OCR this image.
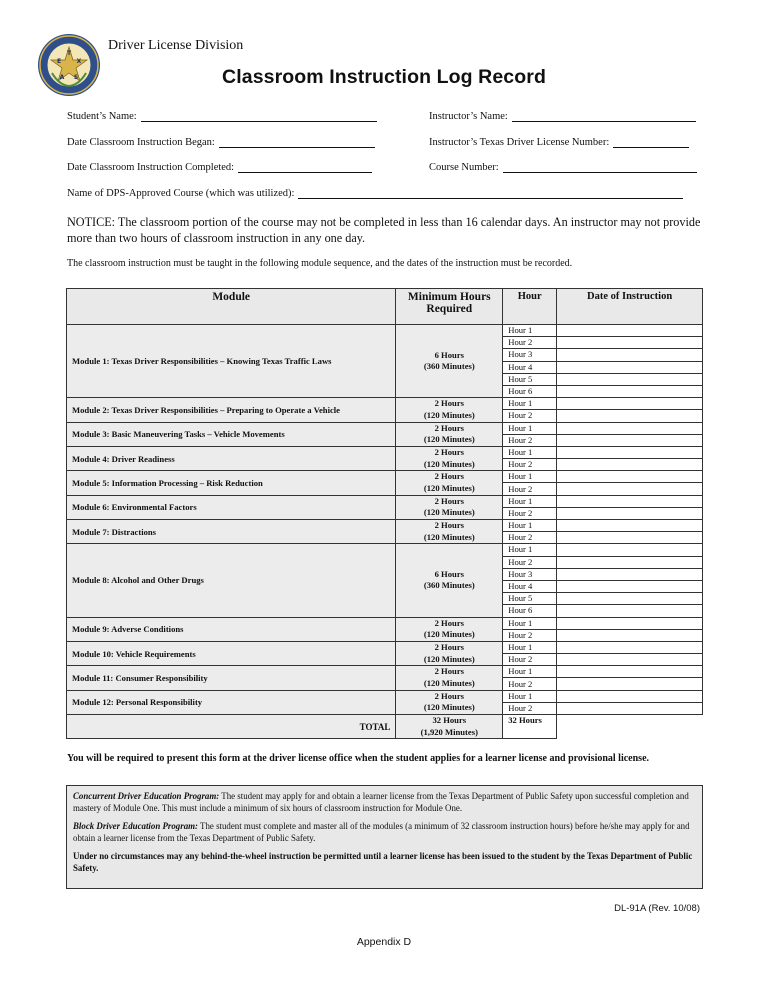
T
E	X
A S
Driver License Division
Classroom Instruction Log Record
Student’s Name:	Instructor’s Name:
Date Classroom Instruction Began:	Instructor’s Texas Driver License Number:
Date Classroom Instruction Completed:	Course Number:
Name of DPS-Approved Course (which was utilized):
NOTICE: The classroom portion of the course may not be completed in less than 16 calendar days. An instructor may not provide more than two hours of classroom instruction in any one day.
The classroom instruction must be taught in the following module sequence, and the dates of the instruction must be recorded.
Module	Minimum Hours Required	Hour	Date of Instruction
Module 1: Texas Driver Responsibilities – Knowing Texas Traffic Laws	6 Hours
(360 Minutes)	Hour 1	
		Hour 2	
		Hour 3	
		Hour 4	
		Hour 5	
		Hour 6	
Module 2: Texas Driver Responsibilities – Preparing to Operate a Vehicle	2 Hours
(120 Minutes)	Hour 1	
		Hour 2	
Module 3: Basic Maneuvering Tasks – Vehicle Movements	2 Hours
(120 Minutes)	Hour 1	
		Hour 2	
Module 4: Driver Readiness	2 Hours
(120 Minutes)	Hour 1	
		Hour 2	
Module 5: Information Processing – Risk Reduction	2 Hours
(120 Minutes)	Hour 1	
		Hour 2	
Module 6: Environmental Factors	2 Hours
(120 Minutes)	Hour 1	
		Hour 2	
Module 7: Distractions	2 Hours
(120 Minutes)	Hour 1	
		Hour 2	
Module 8: Alcohol and Other Drugs	6 Hours
(360 Minutes)	Hour 1	
		Hour 2	
		Hour 3	
		Hour 4	
		Hour 5	
		Hour 6	
Module 9: Adverse Conditions	2 Hours
(120 Minutes)	Hour 1	
		Hour 2	
Module 10: Vehicle Requirements	2 Hours
(120 Minutes)	Hour 1	
		Hour 2	
Module 11: Consumer Responsibility	2 Hours
(120 Minutes)	Hour 1	
		Hour 2	
Module 12: Personal Responsibility	2 Hours
(120 Minutes)	Hour 1	
		Hour 2	
TOTAL	32 Hours
(1,920 Minutes)	32 Hours	
You will be required to present this form at the driver license office when the student applies for a learner license and provisional license.

Concurrent Driver Education Program: The student may apply for and obtain a learner license from the Texas Department of Public Safety upon successful completion and mastery of Module One. This must include a minimum of six hours of classroom instruction for Module One.

Block Driver Education Program: The student must complete and master all of the modules (a minimum of 32 classroom instruction hours) before he/she may apply for and obtain a learner license from the Texas Department of Public Safety.

Under no circumstances may any behind-the-wheel instruction be permitted until a learner license has been issued to the student by the Texas Department of Public Safety.

DL-91A (Rev. 10/08)
Appendix D
